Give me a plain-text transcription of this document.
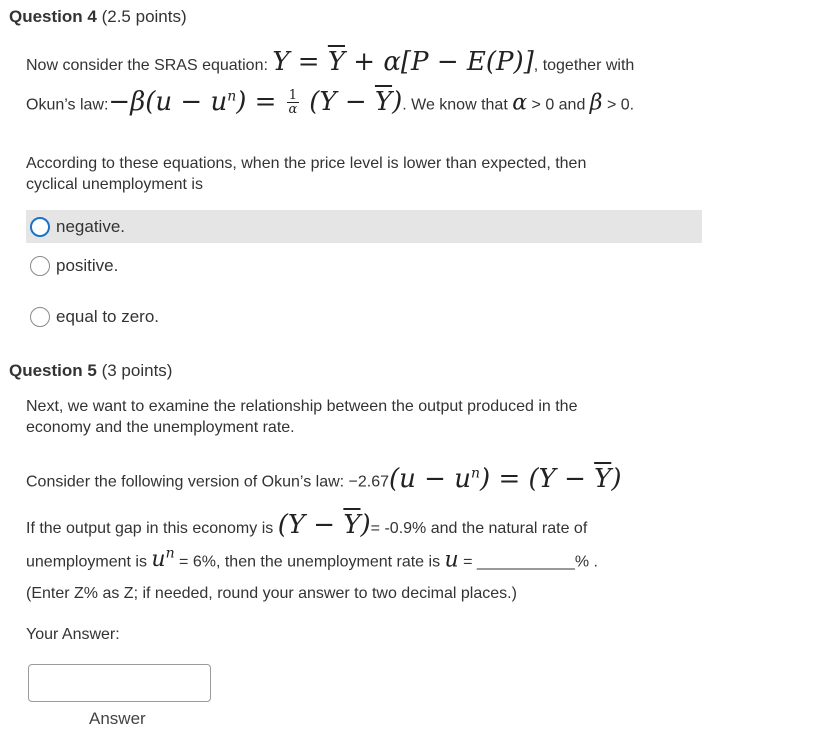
Question 4 (2.5 points)
Now consider the SRAS equation: $Y = \overline{Y} + \alpha[P - E(P)]$, together with
Okun’s law:−β(u − $u^n) = \frac{1}{\alpha} (Y - \overline{Y})$. We know that α > 0 and β > 0.
According to these equations, when the price level is lower than expected, then
cyclical unemployment is
negative.
positive.
equal to zero.
Question 5 (3 points)
Next, we want to examine the relationship between the output produced in the
economy and the unemployment rate.
Consider the following version of Okun’s law: $-2.67(u - u^n) = (Y - \overline{Y})$
If the output gap in this economy is $(Y - \overline{Y})= -0.9\%$ and the natural rate of
unemployment is $u^n = 6\%$, then the unemployment rate is u = ___________% .
(Enter Z% as Z; if needed, round your answer to two decimal places.)
Your Answer:
Answer
